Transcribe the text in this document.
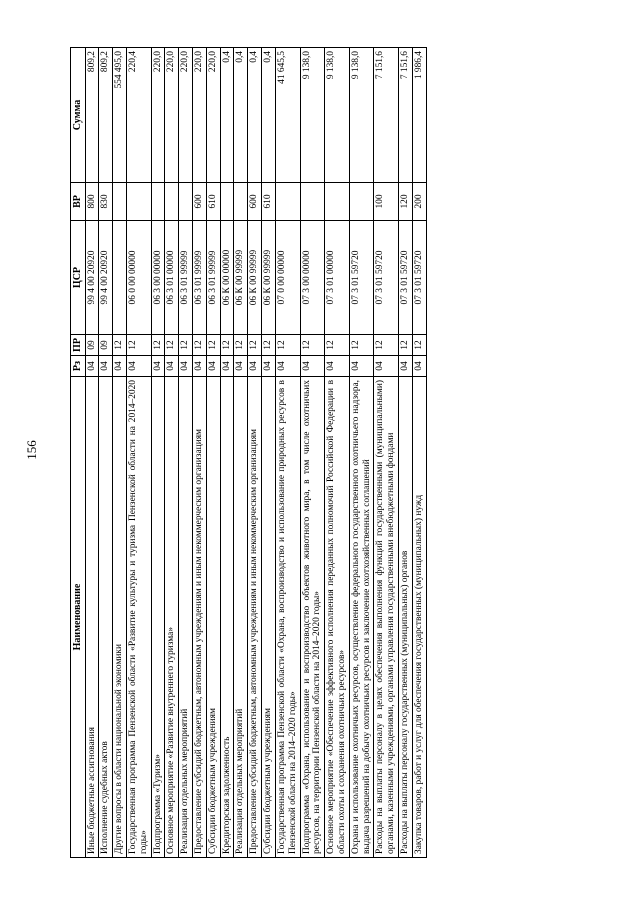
156
Наименование	Рз	ПР	ЦСР	ВР	Сумма
Иные бюджетные ассигнования	04	09	99 4 00 20920	800	809,2
Исполнение судебных актов	04	09	99 4 00 20920	830	809,2
Другие вопросы в области национальной экономики	04	12			554 495,0
Государственная программа Пензенской области «Развитие культуры и туризма Пензенской области на 2014–2020 годы»	04	12	06 0 00 00000		220,4
Подпрограмма «Туризм»	04	12	06 3 00 00000		220,0
Основное мероприятие «Развитие внутреннего туризма»	04	12	06 3 01 00000		220,0
Реализация отдельных мероприятий	04	12	06 3 01 99999		220,0
Предоставление субсидий бюджетным, автономным учреждениям и иным некоммерческим организациям	04	12	06 3 01 99999	600	220,0
Субсидии бюджетным учреждениям	04	12	06 3 01 99999	610	220,0
Кредиторская задолженность	04	12	06 К 00 00000		0,4
Реализация отдельных мероприятий	04	12	06 К 00 99999		0,4
Предоставление субсидий бюджетным, автономным учреждениям и иным некоммерческим организациям	04	12	06 К 00 99999	600	0,4
Субсидии бюджетным учреждениям	04	12	06 К 00 99999	610	0,4
Государственная программа Пензенской области «Охрана, воспроизводство и использование природных ресурсов в Пензенской области на 2014–2020 годы»	04	12	07 0 00 00000		41 645,5
Подпрограмма «Охрана, использование и воспроизводство объектов животного мира, в том числе охотничьих ресурсов, на территории Пензенской области на 2014–2020 годы»	04	12	07 3 00 00000		9 138,0
Основное мероприятие «Обеспечение эффективного исполнения переданных полномочий Российской Федерации в области охоты и сохранения охотничьих ресурсов»	04	12	07 3 01 00000		9 138,0
Охрана и использование охотничьих ресурсов, осуществление федерального государственного охотничьего надзора, выдача разрешений на добычу охотничьих ресурсов и заключение охотхозяйственных соглашений	04	12	07 3 01 59720		9 138,0
Расходы на выплаты персоналу в целях обеспечения выполнения функций государственными (муниципальными) органами, казенными учреждениями, органами управления государственными внебюджетными фондами	04	12	07 3 01 59720	100	7 151,6
Расходы на выплаты персоналу государственных (муниципальных) органов	04	12	07 3 01 59720	120	7 151,6
Закупка товаров, работ и услуг для обеспечения государственных (муниципальных) нужд	04	12	07 3 01 59720	200	1 986,4
